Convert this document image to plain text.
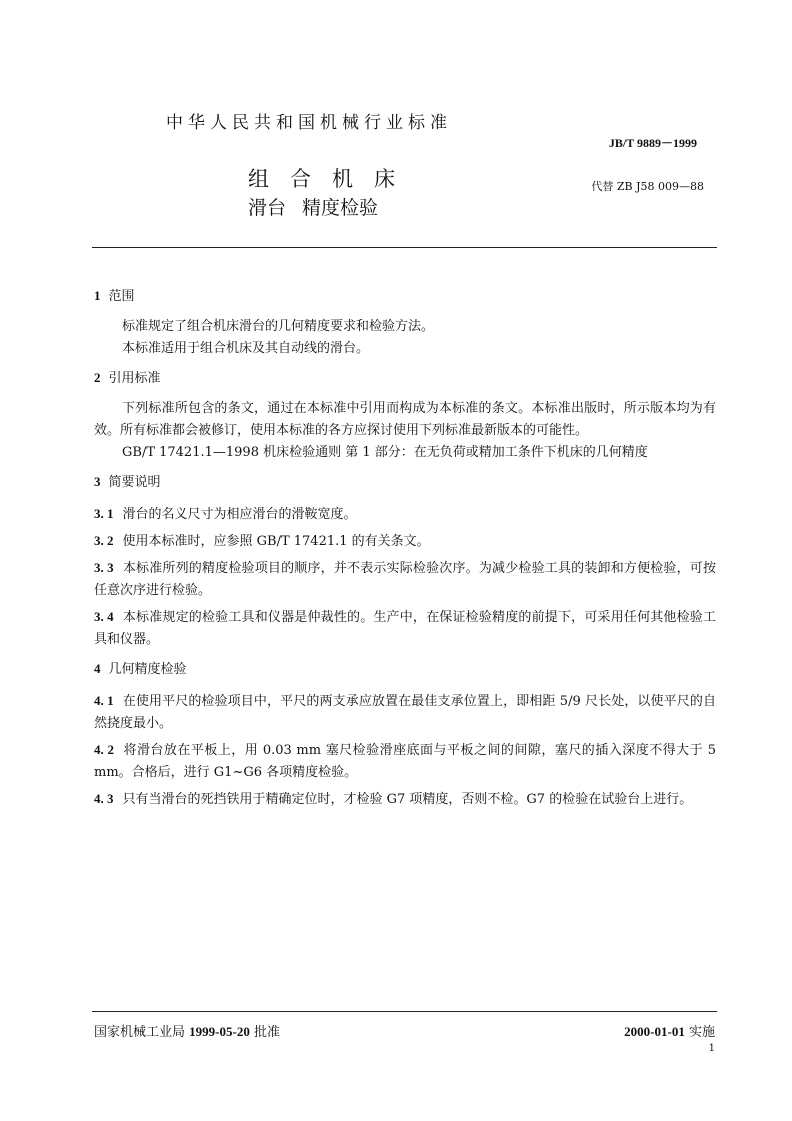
中华人民共和国机械行业标准
JB/T 9889－1999
组合机床
滑台 精度检验
代替 ZB J58 009—88
1 范围
标准规定了组合机床滑台的几何精度要求和检验方法。
本标准适用于组合机床及其自动线的滑台。
2 引用标准
下列标准所包含的条文，通过在本标准中引用而构成为本标准的条文。本标准出版时，所示版本均为有效。所有标准都会被修订，使用本标准的各方应探讨使用下列标准最新版本的可能性。
GB/T 17421.1—1998 机床检验通则 第 1 部分：在无负荷或精加工条件下机床的几何精度
3 简要说明
3. 1 滑台的名义尺寸为相应滑台的滑鞍宽度。
3. 2 使用本标准时，应参照 GB/T 17421.1 的有关条文。
3. 3 本标准所列的精度检验项目的顺序，并不表示实际检验次序。为减少检验工具的装卸和方便检验，可按任意次序进行检验。
3. 4 本标准规定的检验工具和仪器是仲裁性的。生产中，在保证检验精度的前提下，可采用任何其他检验工具和仪器。
4 几何精度检验
4. 1 在使用平尺的检验项目中，平尺的两支承应放置在最佳支承位置上，即相距 5/9 尺长处，以使平尺的自然挠度最小。
4. 2 将滑台放在平板上，用 0.03 mm 塞尺检验滑座底面与平板之间的间隙，塞尺的插入深度不得大于 5 mm。合格后，进行 G1~G6 各项精度检验。
4. 3 只有当滑台的死挡铁用于精确定位时，才检验 G7 项精度，否则不检。G7 的检验在试验台上进行。
国家机械工业局 1999-05-20 批准	2000-01-01 实施
1
